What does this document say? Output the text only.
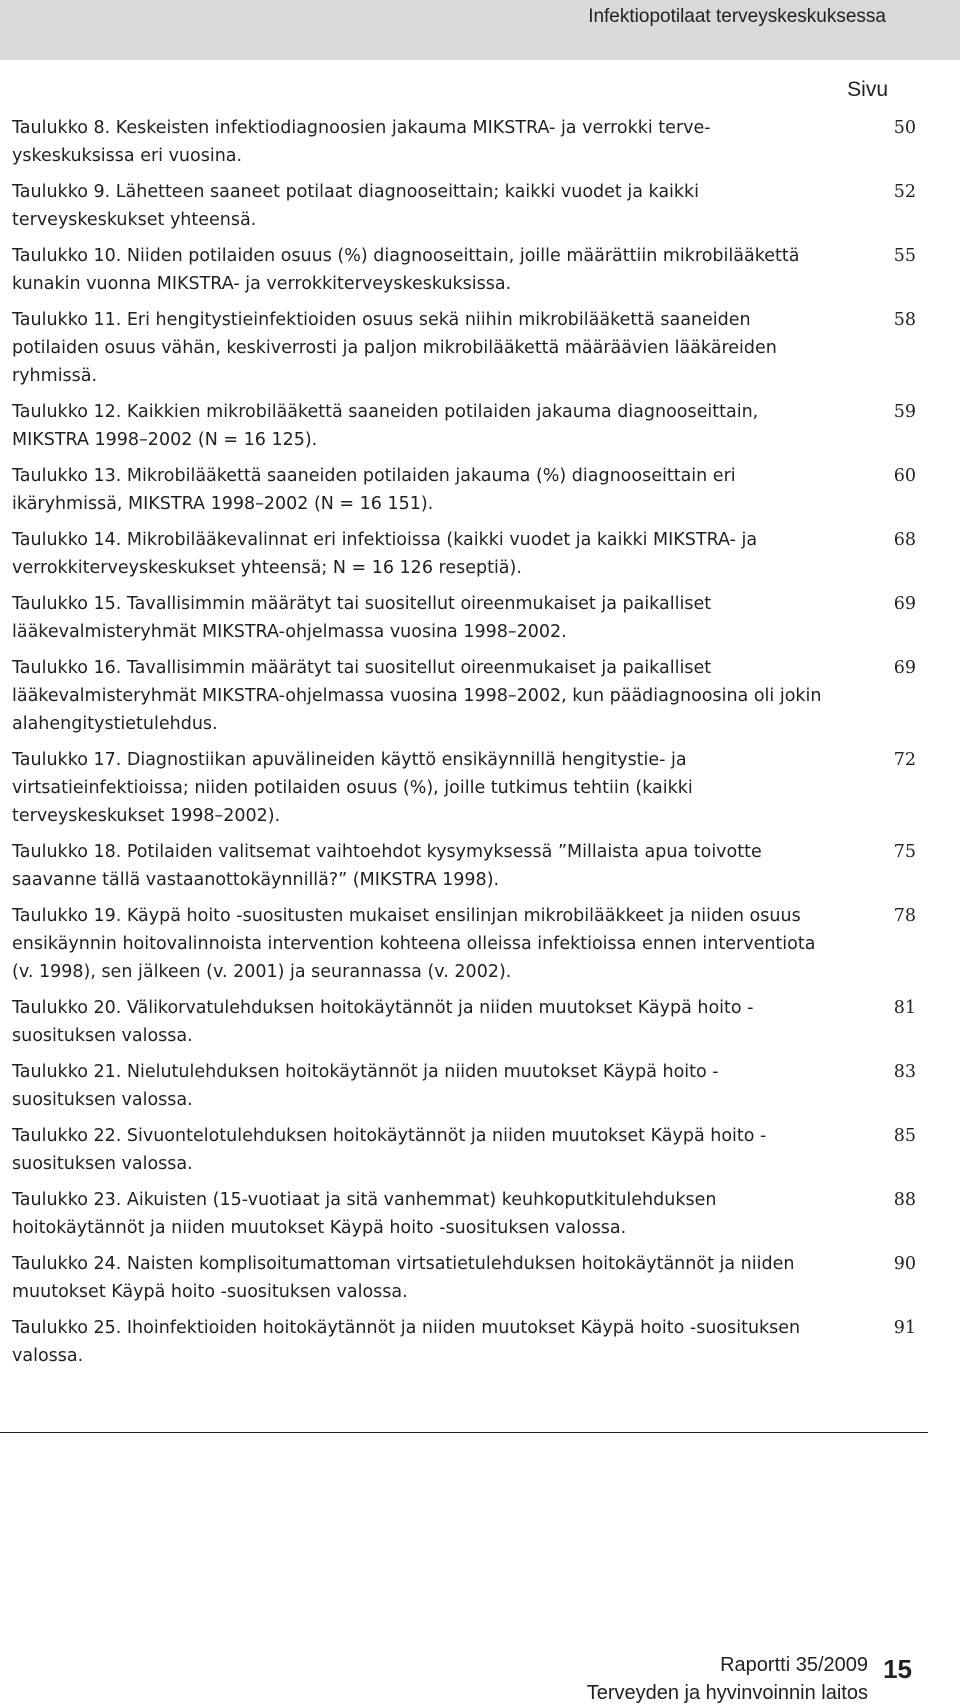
Infektiopotilaat terveyskeskuksessa
Sivu
Taulukko 8. Keskeisten infektiodiagnoosien jakauma MIKSTRA- ja verrokki terveyskeskuksissa eri vuosina.
50
Taulukko 9. Lähetteen saaneet potilaat diagnooseittain; kaikki vuodet ja kaikki terveyskeskukset yhteensä.
52
Taulukko 10. Niiden potilaiden osuus (%) diagnooseittain, joille määrättiin mikrobilääkettä kunakin vuonna MIKSTRA- ja verrokkiterveyskeskuksissa.
55
Taulukko 11. Eri hengitystieinfektioiden osuus sekä niihin mikrobilääkettä saaneiden potilaiden osuus vähän, keskiverrosti ja paljon mikrobilääkettä määräävien lääkäreiden ryhmissä.
58
Taulukko 12. Kaikkien mikrobilääkettä saaneiden potilaiden jakauma diagnooseittain, MIKSTRA 1998–2002 (N = 16 125).
59
Taulukko 13. Mikrobilääkettä saaneiden potilaiden jakauma (%) diagnooseittain eri ikäryhmissä, MIKSTRA 1998–2002 (N = 16 151).
60
Taulukko 14. Mikrobilääkevalinnat eri infektioissa (kaikki vuodet ja kaikki MIKSTRA- ja verrokkiterveyskeskukset yhteensä; N = 16 126 reseptiä).
68
Taulukko 15. Tavallisimmin määrätyt tai suositellut oireenmukaiset ja paikalliset lääkevalmisteryhmät MIKSTRA-ohjelmassa vuosina 1998–2002.
69
Taulukko 16. Tavallisimmin määrätyt tai suositellut oireenmukaiset ja paikalliset lääkevalmisteryhmät MIKSTRA-ohjelmassa vuosina 1998–2002, kun päädiagnoosina oli jokin alahengitystietulehdus.
69
Taulukko 17. Diagnostiikan apuvälineiden käyttö ensikäynnillä hengitystie- ja virtsatieinfektioissa; niiden potilaiden osuus (%), joille tutkimus tehtiin (kaikki terveyskeskukset 1998–2002).
72
Taulukko 18. Potilaiden valitsemat vaihtoehdot kysymyksessä ”Millaista apua toivotte saavanne tällä vastaanottokäynnillä?” (MIKSTRA 1998).
75
Taulukko 19. Käypä hoito -suositusten mukaiset ensilinjan mikrobilääkkeet ja niiden osuus ensikäynnin hoitovalinnoista intervention kohteena olleissa infektioissa ennen interventiota (v. 1998), sen jälkeen (v. 2001) ja seurannassa (v. 2002).
78
Taulukko 20. Välikorvatulehduksen hoitokäytännöt ja niiden muutokset Käypä hoito -suosituksen valossa.
81
Taulukko 21. Nielutulehduksen hoitokäytännöt ja niiden muutokset Käypä hoito -suosituksen valossa.
83
Taulukko 22. Sivuontelotulehduksen hoitokäytännöt ja niiden muutokset Käypä hoito -suosituksen valossa.
85
Taulukko 23. Aikuisten (15-vuotiaat ja sitä vanhemmat) keuhkoputkitulehduksen hoitokäytännöt ja niiden muutokset Käypä hoito -suosituksen valossa.
88
Taulukko 24. Naisten komplisoitumattoman virtsatietulehduksen hoitokäytännöt ja niiden muutokset Käypä hoito -suosituksen valossa.
90
Taulukko 25. Ihoinfektioiden hoitokäytännöt ja niiden muutokset Käypä hoito -suosituksen valossa.
91
Raportti 35/2009
Terveyden ja hyvinvoinnin laitos
15
